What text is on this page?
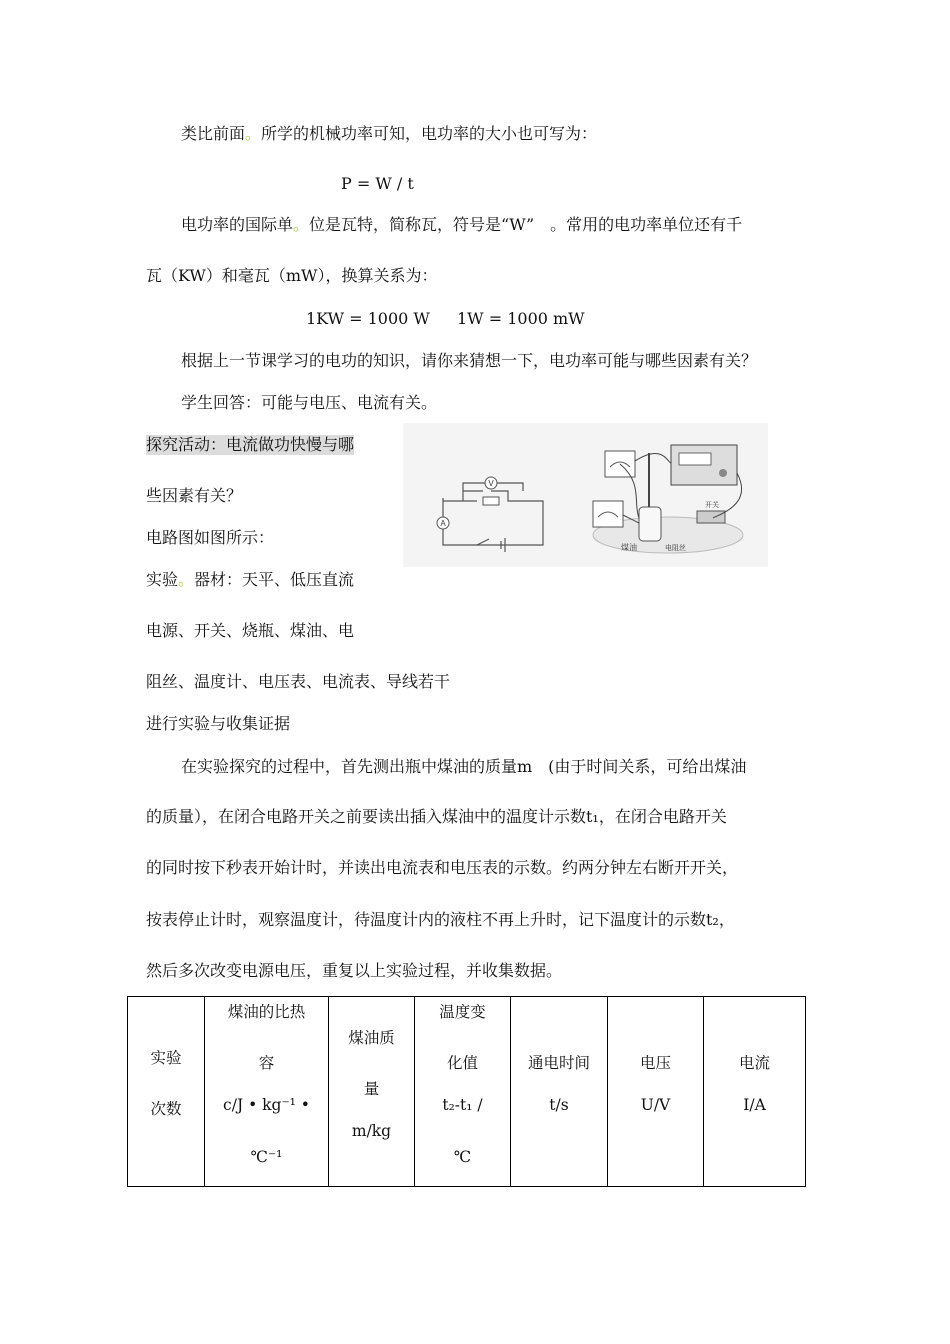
类比前面。所学的机械功率可知，电功率的大小也可写为：
P = W / t
电功率的国际单。位是瓦特，简称瓦，符号是“W”　。常用的电功率单位还有千
瓦（KW）和毫瓦（mW），换算关系为：
1KW = 1000 W 1W = 1000 mW
根据上一节课学习的电功的知识，请你来猜想一下，电功率可能与哪些因素有关？
学生回答：可能与电压、电流有关。
探究活动：电流做功快慢与哪
些因素有关？
电路图如图所示：
实验。器材：天平、低压直流
电源、开关、烧瓶、煤油、电
阻丝、温度计、电压表、电流表、导线若干
进行实验与收集证据
在实验探究的过程中，首先测出瓶中煤油的质量m　(由于时间关系，可给出煤油
的质量），在闭合电路开关之前要读出插入煤油中的温度计示数t₁，在闭合电路开关
的同时按下秒表开始计时，并读出电流表和电压表的示数。约两分钟左右断开开关，
按表停止计时，观察温度计，待温度计内的液柱不再上升时，记下温度计的示数t₂，
然后多次改变电源电压，重复以上实验过程，并收集数据。
V
A
煤油	电阻丝
开关
实验
次数

煤油的比热
容
c/J • kg⁻¹ •
℃⁻¹

煤油质
量
m/kg

温度变
化值
t₂-t₁ /
℃

通电时间
t/s

电压
U/V

电流
I/A
